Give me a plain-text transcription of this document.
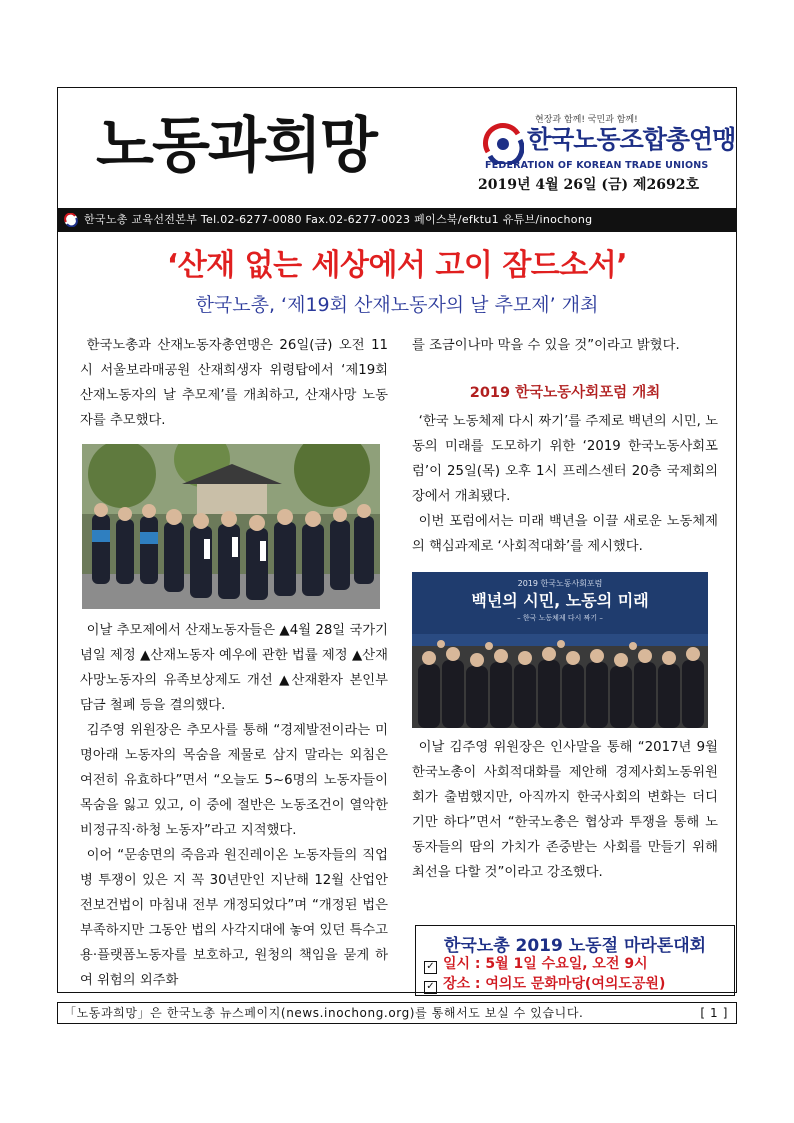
노동과희망	현장과 함께! 국민과 함께!
한국노동조합총연맹
FEDERATION OF KOREAN TRADE UNIONS
2019년 4월 26일 (금) 제2692호
한국노총 교육선전본부 Tel.02-6277-0080 Fax.02-6277-0023 페이스북/efktu1 유튜브/inochong
‘산재 없는 세상에서 고이 잠드소서’
한국노총, ‘제19회 산재노동자의 날 추모제’ 개최

한국노총과 산재노동자총연맹은 26일(금) 오전 11시 서울보라매공원 산재희생자 위령탑에서 ‘제19회 산재노동자의 날 추모제’를 개최하고, 산재사망 노동자를 추모했다.

이날 추모제에서 산재노동자들은 ▲4월 28일 국가기념일 제정 ▲산재노동자 예우에 관한 법률 제정 ▲산재사망노동자의 유족보상제도 개선 ▲산재환자 본인부담금 철폐 등을 결의했다.

김주영 위원장은 추모사를 통해 “경제발전이라는 미명아래 노동자의 목숨을 제물로 삼지 말라는 외침은 여전히 유효하다”면서 “오늘도 5~6명의 노동자들이 목숨을 잃고 있고, 이 중에 절반은 노동조건이 열악한 비정규직·하청 노동자”라고 지적했다.

이어 “문송면의 죽음과 원진레이온 노동자들의 직업병 투쟁이 있은 지 꼭 30년만인 지난해 12월 산업안전보건법이 마침내 전부 개정되었다”며 “개정된 법은 부족하지만 그동안 법의 사각지대에 놓여 있던 특수고용·플랫폼노동자를 보호하고, 원청의 책임을 묻게 하여 위험의 외주화

를 조금이나마 막을 수 있을 것”이라고 밝혔다.

2019 한국노동사회포럼 개최

‘한국 노동체제 다시 짜기’를 주제로 백년의 시민, 노동의 미래를 도모하기 위한 ‘2019 한국노동사회포럼’이 25일(목) 오후 1시 프레스센터 20층 국제회의장에서 개최됐다.

이번 포럼에서는 미래 백년을 이끌 새로운 노동체제의 핵심과제로 ‘사회적대화’를 제시했다.

2019 한국노동사회포럼
백년의 시민, 노동의 미래
– 한국 노동체제 다시 짜기 –

이날 김주영 위원장은 인사말을 통해 “2017년 9월 한국노총이 사회적대화를 제안해 경제사회노동위원회가 출범했지만, 아직까지 한국사회의 변화는 더디기만 하다”면서 “한국노총은 협상과 투쟁을 통해 노동자들의 땀의 가치가 존중받는 사회를 만들기 위해 최선을 다할 것”이라고 강조했다.

한국노총 2019 노동절 마라톤대회
✓ 일시 : 5월 1일 수요일, 오전 9시
✓ 장소 : 여의도 문화마당(여의도공원)
「노동과희망」은 한국노총 뉴스페이지(news.inochong.org)를 통해서도 보실 수 있습니다.	[ 1 ]
